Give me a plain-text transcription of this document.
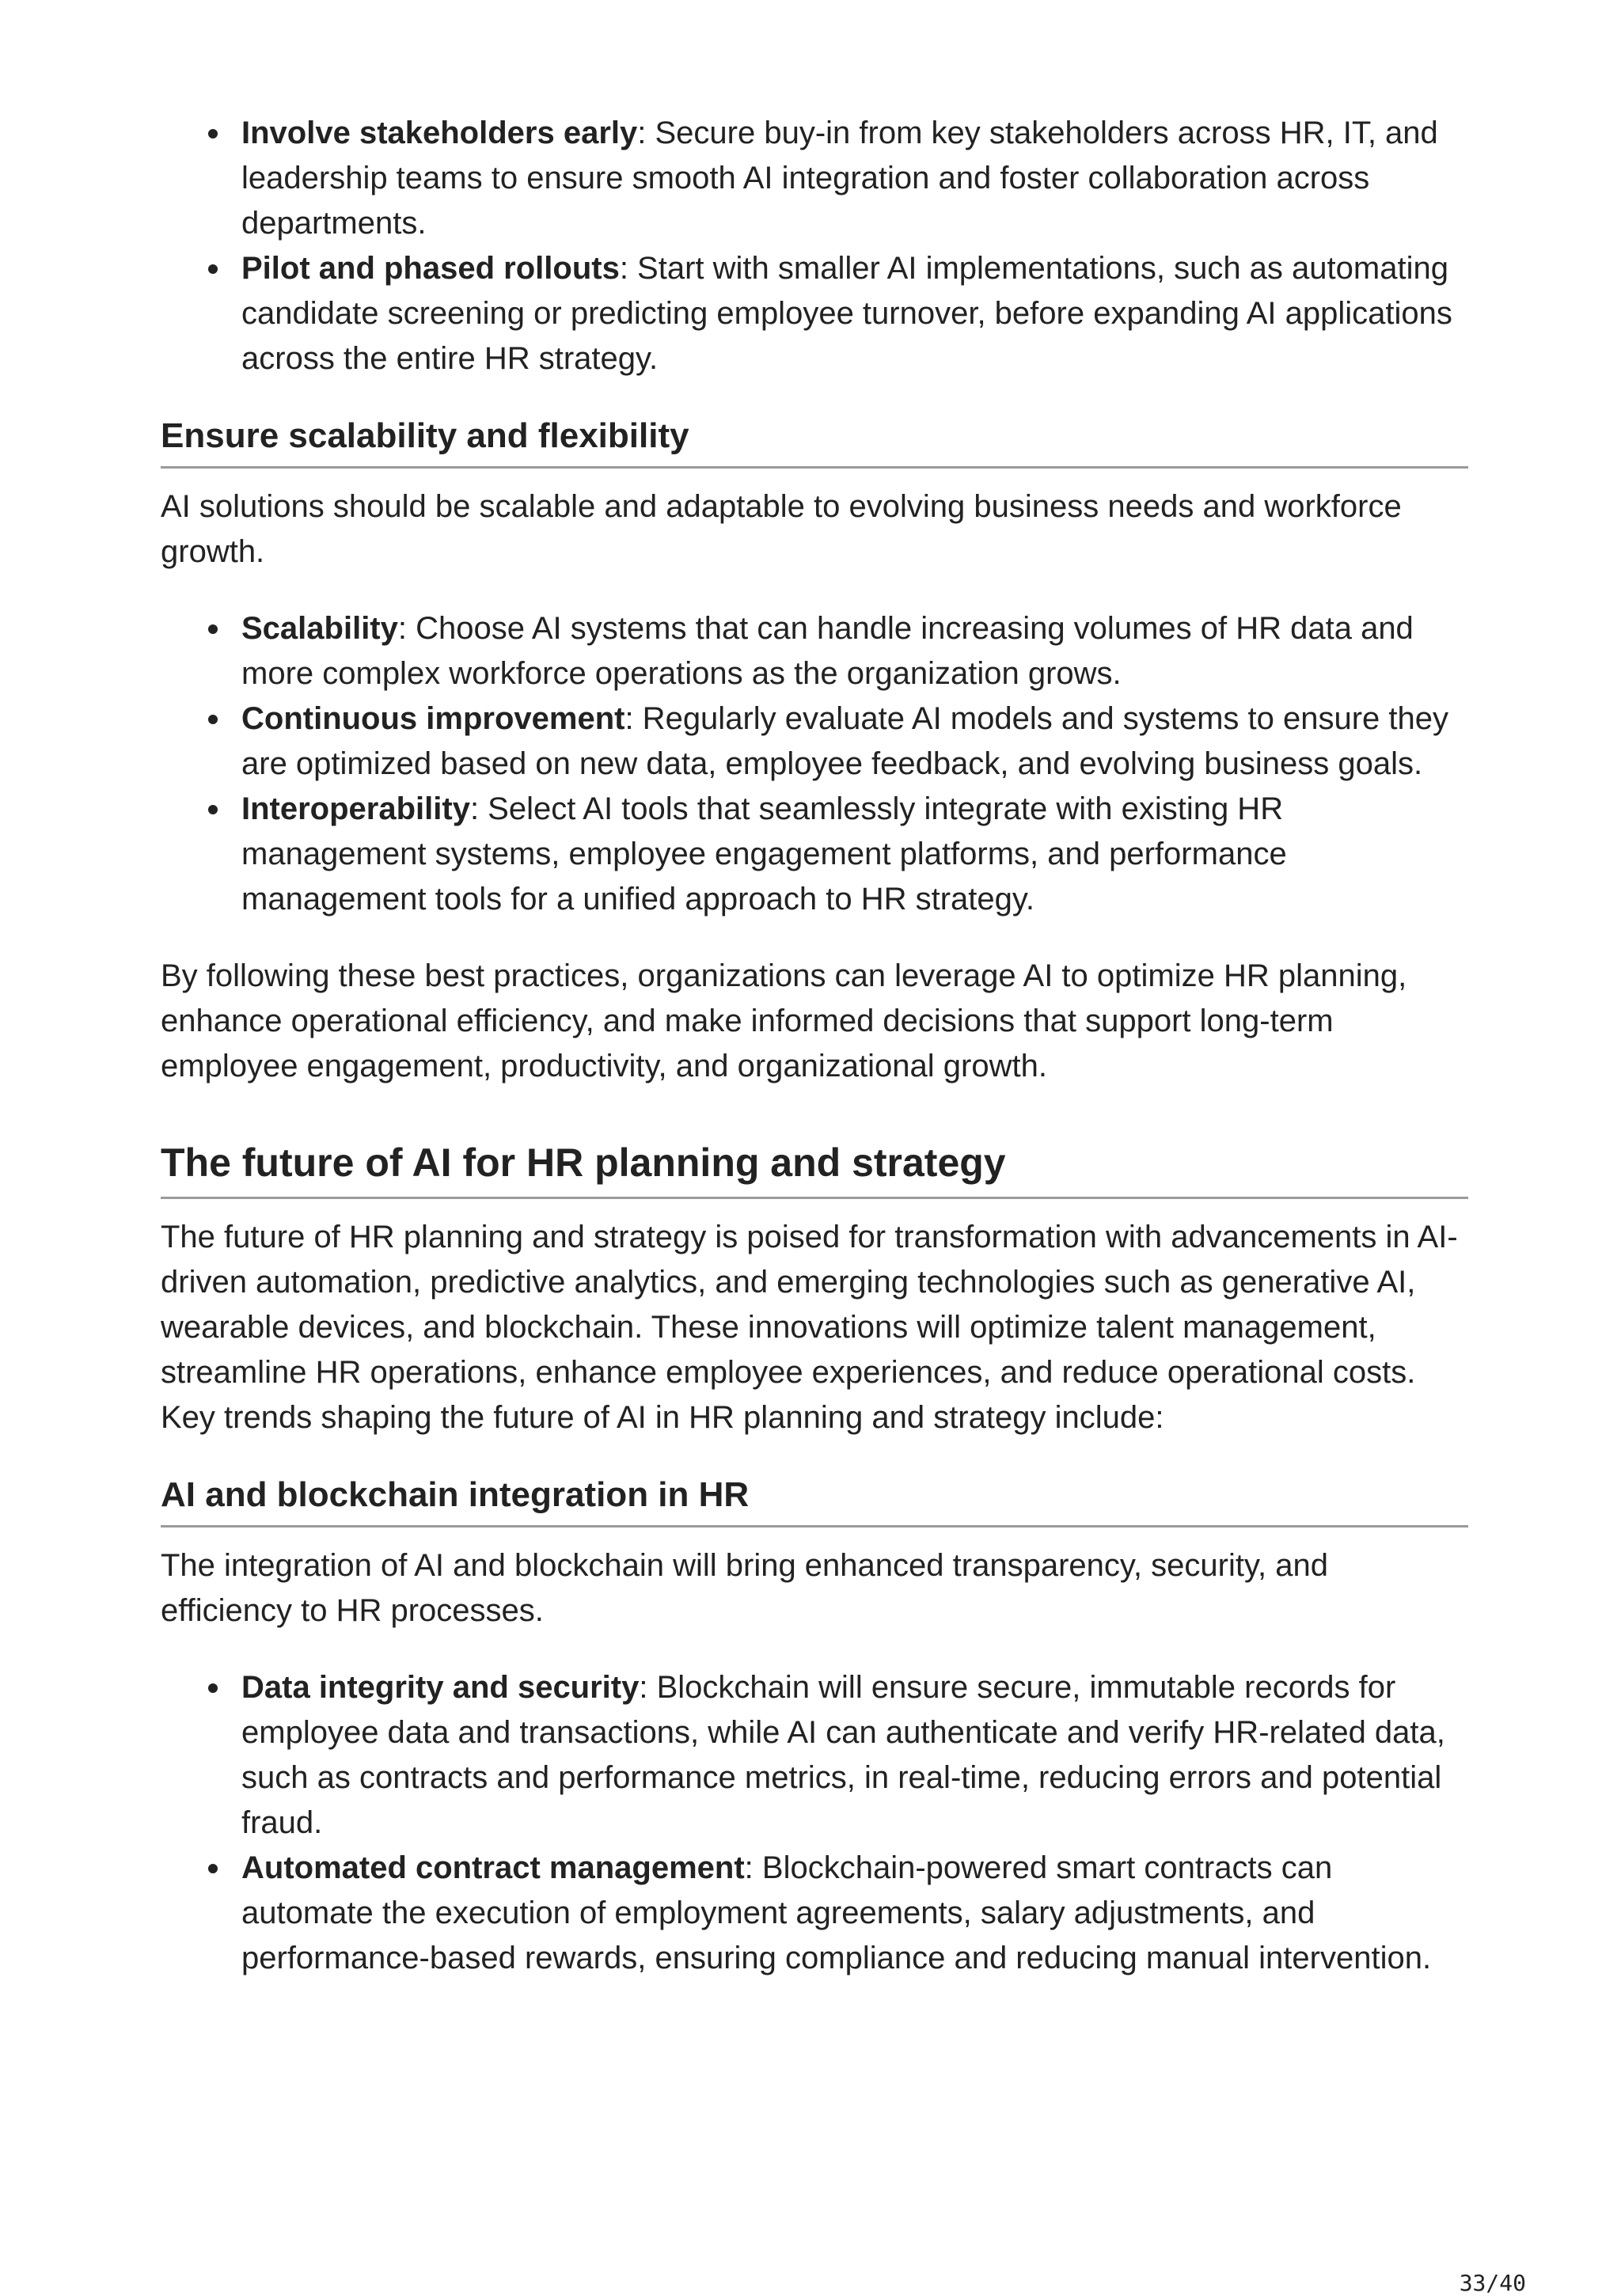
Involve stakeholders early: Secure buy-in from key stakeholders across HR, IT, and leadership teams to ensure smooth AI integration and foster collaboration across departments.
Pilot and phased rollouts: Start with smaller AI implementations, such as automating candidate screening or predicting employee turnover, before expanding AI applications across the entire HR strategy.
Ensure scalability and flexibility

AI solutions should be scalable and adaptable to evolving business needs and workforce growth.

Scalability: Choose AI systems that can handle increasing volumes of HR data and more complex workforce operations as the organization grows.
Continuous improvement: Regularly evaluate AI models and systems to ensure they are optimized based on new data, employee feedback, and evolving business goals.
Interoperability: Select AI tools that seamlessly integrate with existing HR management systems, employee engagement platforms, and performance management tools for a unified approach to HR strategy.

By following these best practices, organizations can leverage AI to optimize HR planning, enhance operational efficiency, and make informed decisions that support long-term employee engagement, productivity, and organizational growth.

The future of AI for HR planning and strategy

The future of HR planning and strategy is poised for transformation with advancements in AI-driven automation, predictive analytics, and emerging technologies such as generative AI, wearable devices, and blockchain. These innovations will optimize talent management, streamline HR operations, enhance employee experiences, and reduce operational costs. Key trends shaping the future of AI in HR planning and strategy include:

AI and blockchain integration in HR

The integration of AI and blockchain will bring enhanced transparency, security, and efficiency to HR processes.

Data integrity and security: Blockchain will ensure secure, immutable records for employee data and transactions, while AI can authenticate and verify HR-related data, such as contracts and performance metrics, in real-time, reducing errors and potential fraud.
Automated contract management: Blockchain-powered smart contracts can automate the execution of employment agreements, salary adjustments, and performance-based rewards, ensuring compliance and reducing manual intervention.
33/40
